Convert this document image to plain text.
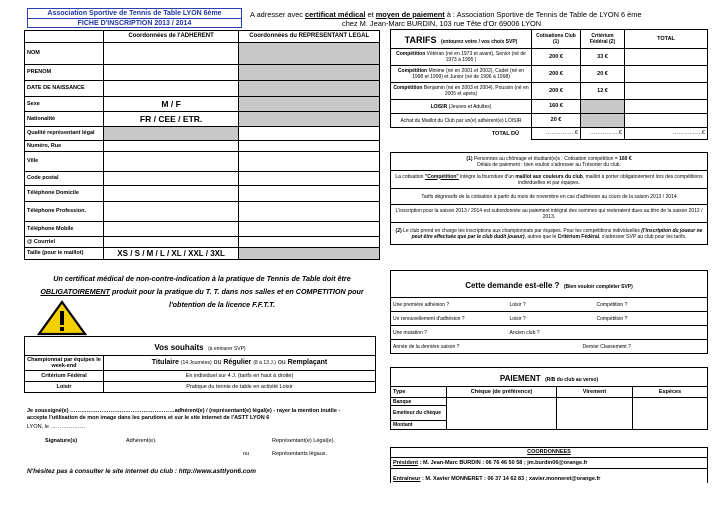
Association Sportive de Tennis de Table LYON 6ème
FICHE D'INSCRIPTION 2013 / 2014
A adresser avec certificat médical et moyen de paiement à : Association Sportive de Tennis de Table de LYON 6 ème
chez M. Jean-Marc BURDIN, 103 rue Tête d'Or 69006 LYON
	Coordonnées de l'ADHERENT	Coordonnées du REPRESENTANT LEGAL
NOM		
PRENOM		
DATE DE NAISSANCE		
Sexe	M / F	
Nationalité	FR / CEE / ETR.	
Qualité représentant légal		
Numéro, Rue		
Ville		
Code postal		
Téléphone Domicile		
Téléphone Profession.		
Téléphone Mobile		
@ Courriel		
Taille (pour le maillot)	XS / S / M / L / XL / XXL / 3XL	
Un certificat médical de non-contre-indication à la pratique de Tennis de Table doit être
OBLIGATOIREMENT produit pour la pratique du T. T. dans nos salles et en COMPETITION pour
l'obtention de la licence F.F.T.T.
Vos souhaits (à entourer SVP)	
Championnat par équipes le week-end	Titulaire (14 Journées) ou Régulier (8 à 13 J.) ou Remplaçant
Critérium Fédéral	En individuel sur 4 J. (tarifs en haut à droite)
Loisir	Pratique du tennis de table en activité Loisir
Je soussigné(e) …………………………………………………adhérent(e) / (représentant(e) légal(e) - rayer la mention inutile -
accepte l'utilisation de mon image dans les parutions et sur le site internet de l'ASTT LYON 6
LYON, le ……………….
Signature(s)	Adhérent(e).	Représentant(e) Légal(e).
ou	Représentants légaux.
N'hésitez pas à consulter le site internet du club : http://www.asttlyon6.com
TARIFS (entourez votre / vos choix SVP)	Cotisations Club (1)	Critérium Fédéral (2)	TOTAL
Compétition Vétéran (né en 1973 et avant), Senior (né de 1973 à 1995 )	200 €	33 €	
Compétition Minime (né en 2001 et 2002), Cadet (né en 1998 et 1999) et Junior (né de 1996 à 1998)	200 €	20 €	
Compétition Benjamin (né en 2003 et 2004), Poussin (né en 2005 et après)	200 €	12 €	
LOISIR (Jeunes et Adultes)	160 €		
Achat du Maillot du Club par un(e) adhérent(e) LOISIR	20 €		
TOTAL DÛ	…………….€	…………….€	…………….€
(1) Personnes au chômage et étudiant(e)s : Cotisation compétition = 160 €
Délais de paiement : bien vouloir s'adresser au Trésorier du club.
La cotisation "Compétition" intègre la fourniture d'un maillot aux couleurs du club, maillot à porter obligatoirement lors des compétitions individuelles et par équipes.
Tarifs dégressifs de la cotisation à partir du mois de novembre en cas d'adhésion au cours de la saison 2013 / 2014
L'inscription pour la saison 2013 / 2014 est subordonnée au paiement intégral des sommes qui resteraient dues au titre de la saison 2012 / 2013.
(2) Le club prend en charge les inscriptions aux championnats par équipes. Pour les compétitions individuelles (l'inscription du joueur ne peut être effectuée que par le club dudit joueur), autres que le Critérium Fédéral, s'adresser SVP au club pour les tarifs.
Cette demande est-elle ? (Bien vouloir compléter SVP)		
Une première adhésion ?	Loisir ?	Compétition ?
Un renouvellement d'adhésion ?	Loisir ?	Compétition ?
Une mutation ?	Ancien club ?	
Année de la dernière saison ?		Dernier Classement ?
PAIEMENT (RIB du club au verso)			
Type	Chèque (de préférence)	Virement	Espèces
Banque			
Emetteur du chèque			
Montant			
COORDONNEES
Président : M. Jean-Marc BURDIN : 06 76 46 50 58 ; jm.burdin06@orange.fr
Entraîneur : M. Xavier MONNERET : 06 37 14 62 83 ; xavier.monneret@orange.fr
